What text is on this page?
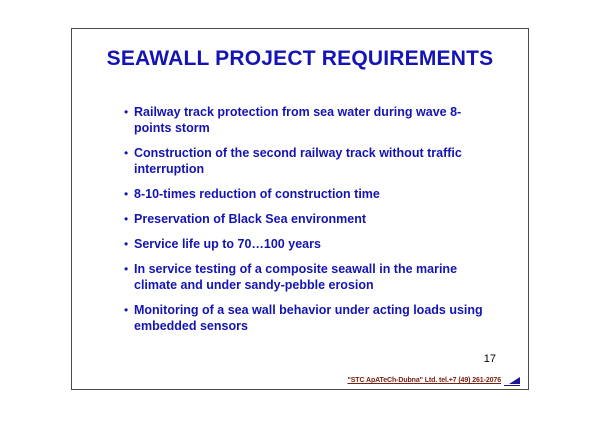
SEAWALL PROJECT REQUIREMENTS
• Railway track protection from sea water during wave 8-points storm
• Construction of the second railway track without traffic interruption
• 8-10-times reduction of construction time
• Preservation of Black Sea environment
• Service life up to 70…100 years
• In service testing of a composite seawall in the marine climate and under sandy-pebble erosion
• Monitoring of a sea wall behavior under acting loads using embedded sensors
17
"STC ApATeCh-Dubna" Ltd. tel.+7 (49) 261-2076
